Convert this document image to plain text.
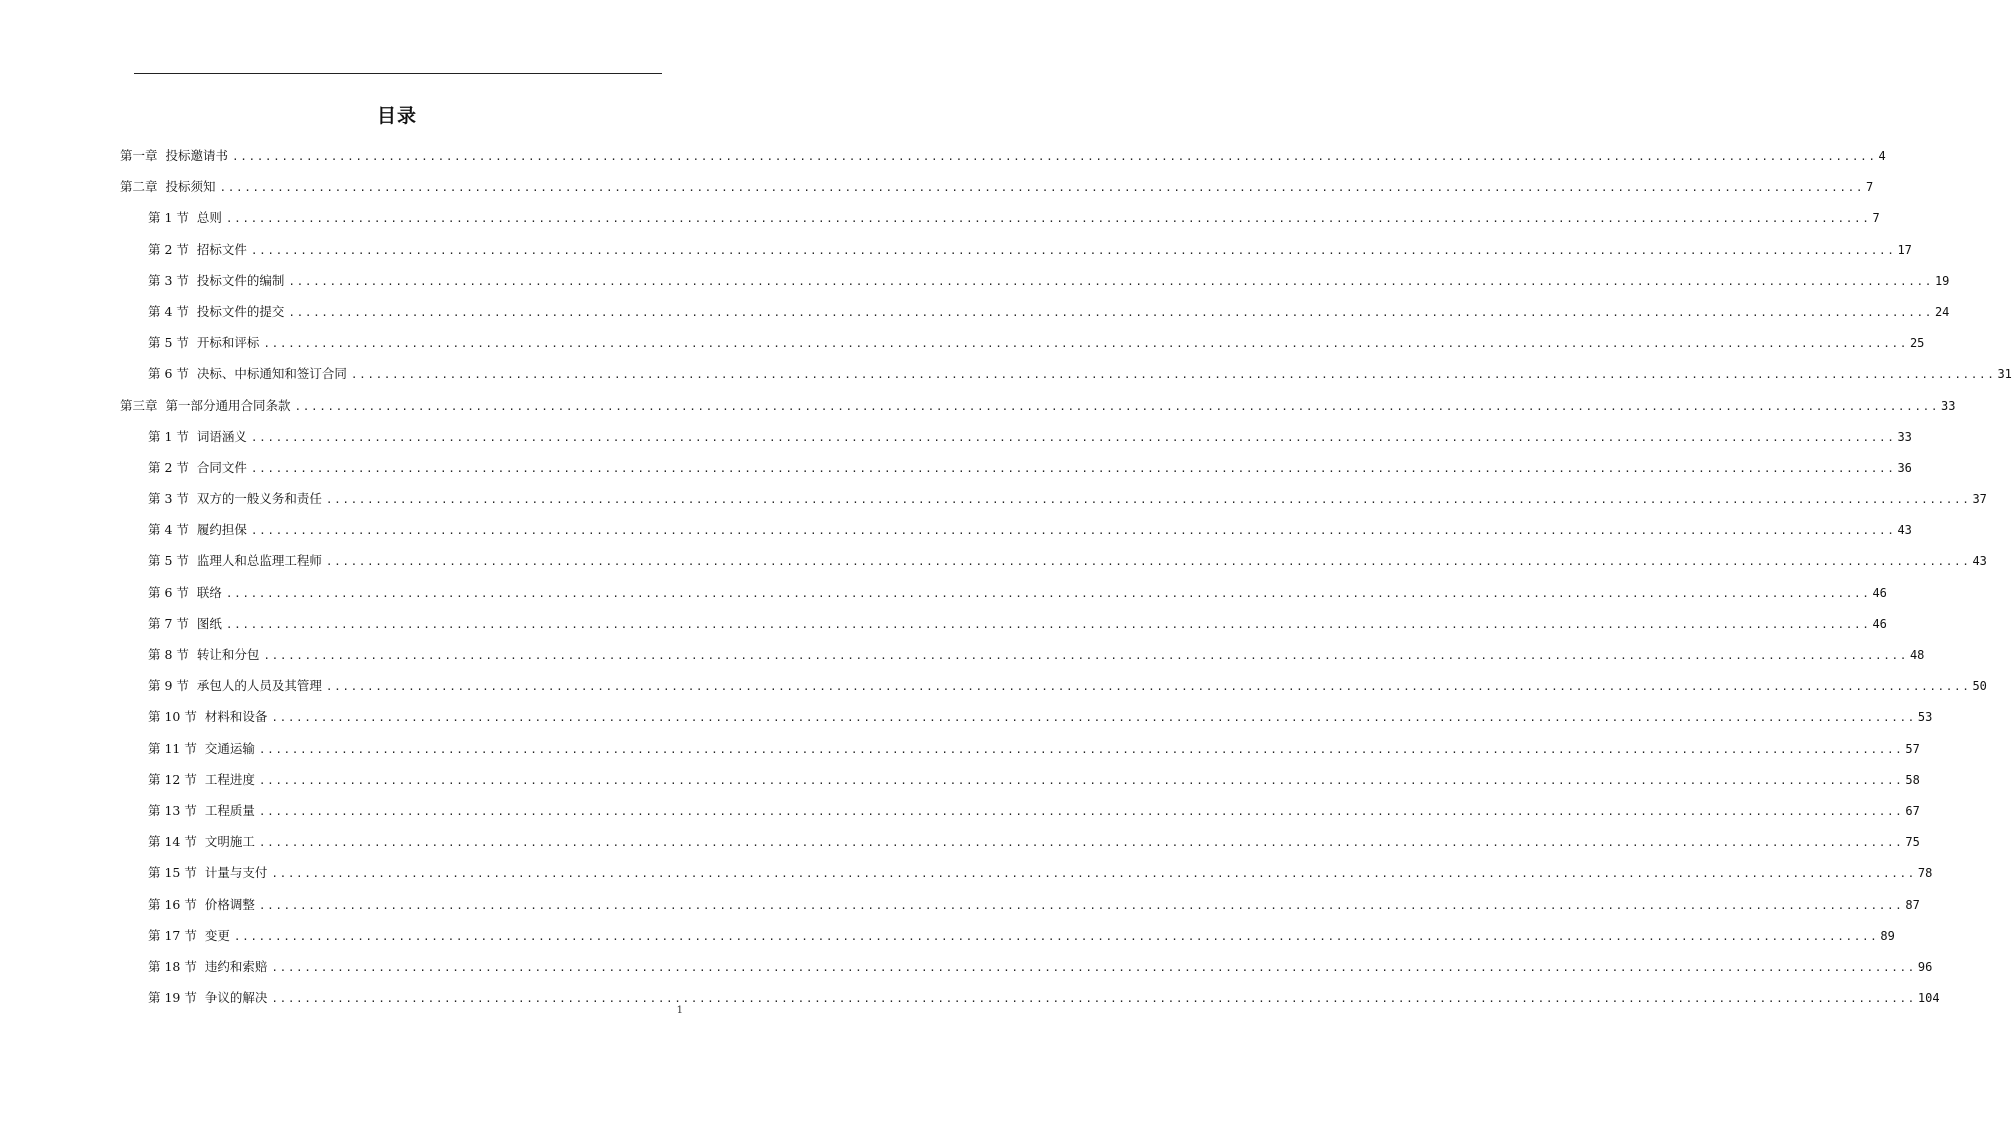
目录
第一章 投标邀请书 ........................................................................................................................................................................................................ 4
第二章 投标须知 ........................................................................................................................................................................................................ 7
第 1 节 总则 ........................................................................................................................................................................................................ 7
第 2 节 招标文件 ........................................................................................................................................................................................................ 17
第 3 节 投标文件的编制 ........................................................................................................................................................................................................ 19
第 4 节 投标文件的提交 ........................................................................................................................................................................................................ 24
第 5 节 开标和评标 ........................................................................................................................................................................................................ 25
第 6 节 决标、中标通知和签订合同 ........................................................................................................................................................................................................ 31
第三章 第一部分通用合同条款 ........................................................................................................................................................................................................ 33
第 1 节 词语涵义 ........................................................................................................................................................................................................ 33
第 2 节 合同文件 ........................................................................................................................................................................................................ 36
第 3 节 双方的一般义务和责任 ........................................................................................................................................................................................................ 37
第 4 节 履约担保 ........................................................................................................................................................................................................ 43
第 5 节 监理人和总监理工程师 ........................................................................................................................................................................................................ 43
第 6 节 联络 ........................................................................................................................................................................................................ 46
第 7 节 图纸 ........................................................................................................................................................................................................ 46
第 8 节 转让和分包 ........................................................................................................................................................................................................ 48
第 9 节 承包人的人员及其管理 ........................................................................................................................................................................................................ 50
第 10 节 材料和设备 ........................................................................................................................................................................................................ 53
第 11 节 交通运输 ........................................................................................................................................................................................................ 57
第 12 节 工程进度 ........................................................................................................................................................................................................ 58
第 13 节 工程质量 ........................................................................................................................................................................................................ 67
第 14 节 文明施工 ........................................................................................................................................................................................................ 75
第 15 节 计量与支付 ........................................................................................................................................................................................................ 78
第 16 节 价格调整 ........................................................................................................................................................................................................ 87
第 17 节 变更 ........................................................................................................................................................................................................ 89
第 18 节 违约和索赔 ........................................................................................................................................................................................................ 96
第 19 节 争议的解决 ........................................................................................................................................................................................................ 104
1
